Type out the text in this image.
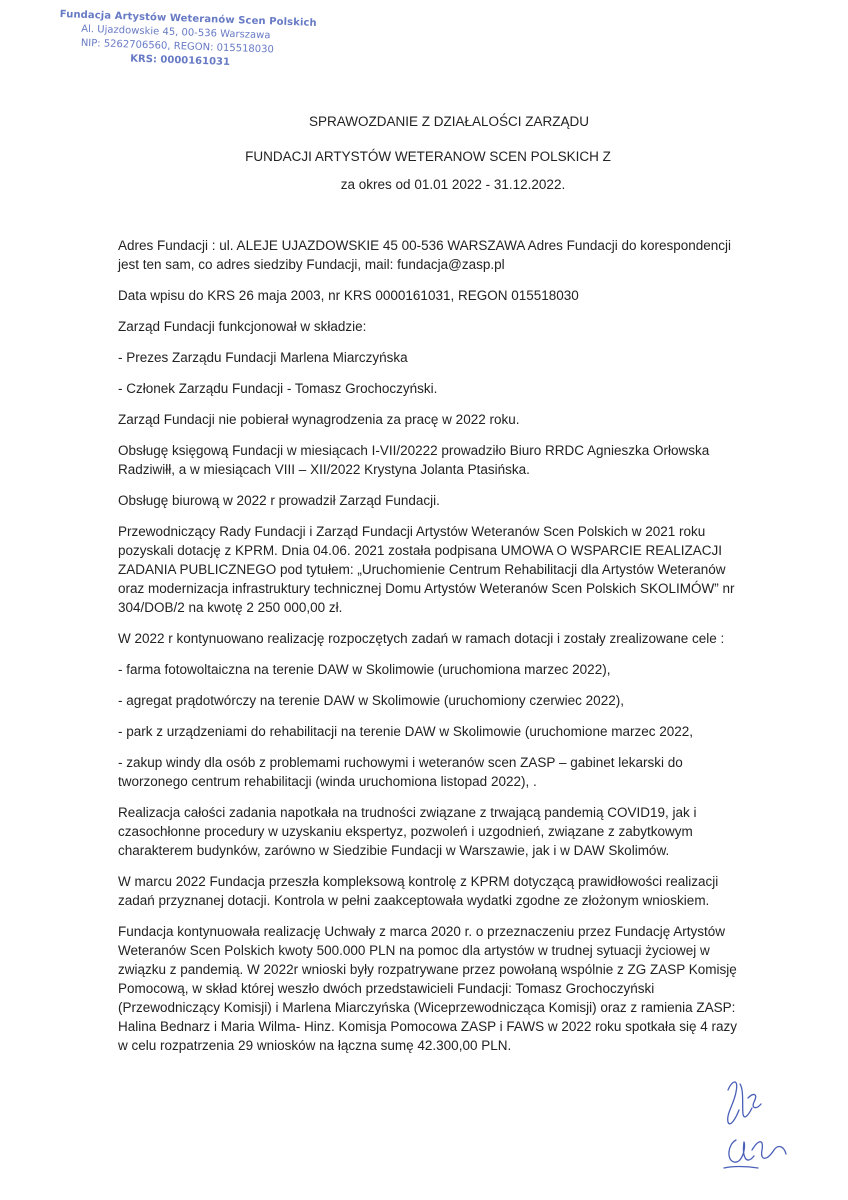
Fundacja Artystów Weteranów Scen Polskich
Al. Ujazdowskie 45, 00-536 Warszawa
NIP: 5262706560, REGON: 015518030
KRS: 0000161031
SPRAWOZDANIE Z DZIAŁALOŚCI ZARZĄDU
FUNDACJI ARTYSTÓW WETERANOW SCEN POLSKICH Z
za okres od 01.01 2022 - 31.12.2022.

Adres Fundacji : ul. ALEJE UJAZDOWSKIE 45 00-536 WARSZAWA Adres Fundacji do korespondencji jest ten sam, co adres siedziby Fundacji, mail: fundacja@zasp.pl

Data wpisu do KRS 26 maja 2003, nr KRS 0000161031, REGON 015518030

Zarząd Fundacji funkcjonował w składzie:

- Prezes Zarządu Fundacji Marlena Miarczyńska

- Członek Zarządu Fundacji - Tomasz Grochoczyński.

Zarząd Fundacji nie pobierał wynagrodzenia za pracę w 2022 roku.

Obsługę księgową Fundacji w miesiącach I-VII/20222 prowadziło Biuro RRDC Agnieszka Orłowska Radziwiłł, a w miesiącach VIII – XII/2022 Krystyna Jolanta Ptasińska.

Obsługę biurową w 2022 r prowadził Zarząd Fundacji.

Przewodniczący Rady Fundacji i Zarząd Fundacji Artystów Weteranów Scen Polskich w 2021 roku pozyskali dotację z KPRM. Dnia 04.06. 2021 została podpisana UMOWA O WSPARCIE REALIZACJI ZADANIA PUBLICZNEGO pod tytułem: „Uruchomienie Centrum Rehabilitacji dla Artystów Weteranów oraz modernizacja infrastruktury technicznej Domu Artystów Weteranów Scen Polskich SKOLIMÓW” nr 304/DOB/2 na kwotę 2 250 000,00 zł.

W 2022 r kontynuowano realizację rozpoczętych zadań w ramach dotacji i zostały zrealizowane cele :

- farma fotowoltaiczna na terenie DAW w Skolimowie (uruchomiona marzec 2022),

- agregat prądotwórczy na terenie DAW w Skolimowie (uruchomiony czerwiec 2022),

- park z urządzeniami do rehabilitacji na terenie DAW w Skolimowie (uruchomione marzec 2022,

- zakup windy dla osób z problemami ruchowymi i weteranów scen ZASP – gabinet lekarski do tworzonego centrum rehabilitacji (winda uruchomiona listopad 2022), .

Realizacja całości zadania napotkała na trudności związane z trwającą pandemią COVID19, jak i czasochłonne procedury w uzyskaniu ekspertyz, pozwoleń i uzgodnień, związane z zabytkowym charakterem budynków, zarówno w Siedzibie Fundacji w Warszawie, jak i w DAW Skolimów.

W marcu 2022 Fundacja przeszła kompleksową kontrolę z KPRM dotyczącą prawidłowości realizacji zadań przyznanej dotacji. Kontrola w pełni zaakceptowała wydatki zgodne ze złożonym wnioskiem.

Fundacja kontynuowała realizację Uchwały z marca 2020 r. o przeznaczeniu przez Fundację Artystów Weteranów Scen Polskich kwoty 500.000 PLN na pomoc dla artystów w trudnej sytuacji życiowej w związku z pandemią. W 2022r wnioski były rozpatrywane przez powołaną wspólnie z ZG ZASP Komisję Pomocową, w skład której weszło dwóch przedstawicieli Fundacji: Tomasz Grochoczyński (Przewodniczący Komisji) i Marlena Miarczyńska (Wiceprzewodnicząca Komisji) oraz z ramienia ZASP: Halina Bednarz i Maria Wilma- Hinz. Komisja Pomocowa ZASP i FAWS w 2022 roku spotkała się 4 razy w celu rozpatrzenia 29 wniosków na łączna sumę 42.300,00 PLN.
